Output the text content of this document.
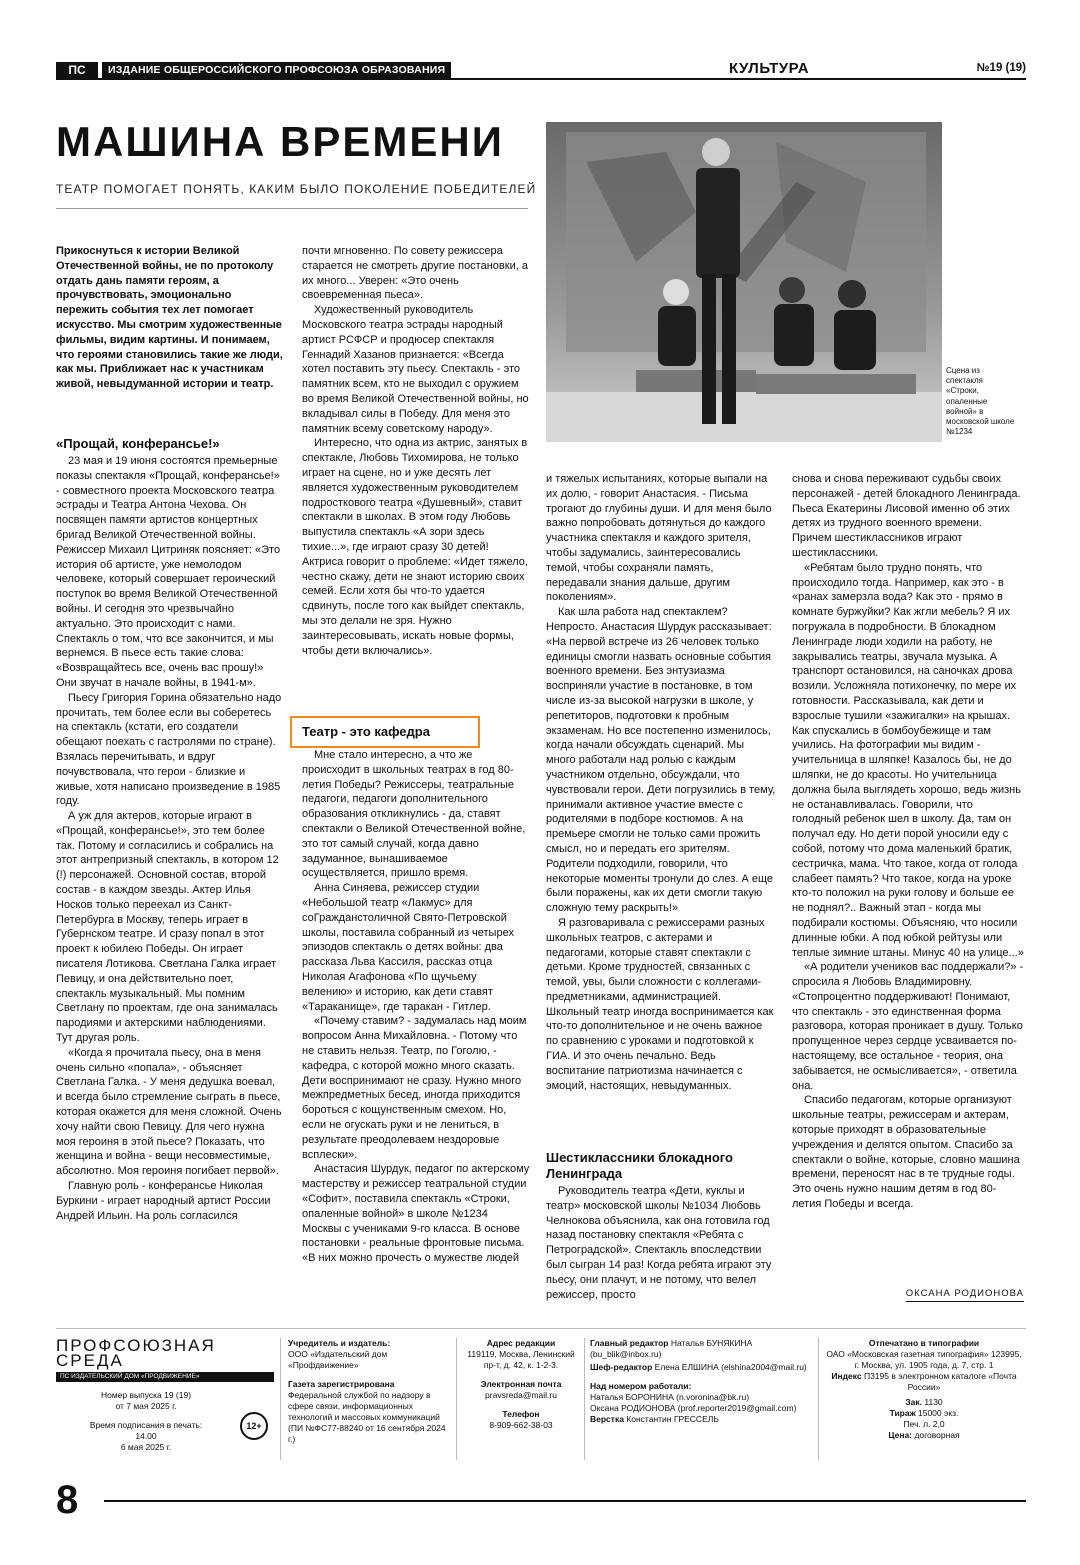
ПС	ИЗДАНИЕ ОБЩЕРОССИЙСКОГО ПРОФСОЮЗА ОБРАЗОВАНИЯ	КУЛЬТУРА	№19 (19)
МАШИНА ВРЕМЕНИ
ТЕАТР ПОМОГАЕТ ПОНЯТЬ, КАКИМ БЫЛО ПОКОЛЕНИЕ ПОБЕДИТЕЛЕЙ
Сцена из спектакля «Строки, опаленные войной» в московской школе №1234

Прикоснуться к истории Великой Отечественной войны, не по протоколу отдать дань памяти героям, а прочувствовать, эмоционально пережить события тех лет помогает искусство. Мы смотрим художественные фильмы, видим картины. И понимаем, что героями становились такие же люди, как мы. Приближает нас к участникам живой, невыдуманной истории и театр.

«Прощай, конферансье!»

23 мая и 19 июня состоятся премьерные показы спектакля «Прощай, конферансье!» - совместного проекта Московского театра эстрады и Театра Антона Чехова. Он посвящен памяти артистов концертных бригад Великой Отечественной войны. Режиссер Михаил Цитриняк поясняет: «Это история об артисте, уже немолодом человеке, который совершает героический поступок во время Великой Отечественной войны. И сегодня это чрезвычайно актуально. Это происходит с нами. Спектакль о том, что все закончится, и мы вернемся. В пьесе есть такие слова: «Возвращайтесь все, очень вас прошу!» Они звучат в начале войны, в 1941-м».

Пьесу Григория Горина обязательно надо прочитать, тем более если вы соберетесь на спектакль (кстати, его создатели обещают поехать с гастролями по стране). Взялась перечитывать, и вдруг почувствовала, что герои - близкие и живые, хотя написано произведение в 1985 году.

А уж для актеров, которые играют в «Прощай, конферансье!», это тем более так. Потому и согласились и собрались на этот антрепризный спектакль, в котором 12 (!) персонажей. Основной состав, второй состав - в каждом звезды. Актер Илья Носков только переехал из Санкт-Петербурга в Москву, теперь играет в Губернском театре. И сразу попал в этот проект к юбилею Победы. Он играет писателя Лотикова. Светлана Галка играет Певицу, и она действительно поет, спектакль музыкальный. Мы помним Светлану по проектам, где она занималась пародиями и актерскими наблюдениями. Тут другая роль.

«Когда я прочитала пьесу, она в меня очень сильно «попала», - объясняет Светлана Галка. - У меня дедушка воевал, и всегда было стремление сыграть в пьесе, которая окажется для меня сложной. Очень хочу найти свою Певицу. Для чего нужна моя героиня в этой пьесе? Показать, что женщина и война - вещи несовместимые, абсолютно. Моя героиня погибает первой».

Главную роль - конферансье Николая Буркини - играет народный артист России Андрей Ильин. На роль согласился

почти мгновенно. По совету режиссера старается не смотреть другие постановки, а их много... Уверен: «Это очень своевременная пьеса».

Художественный руководитель Московского театра эстрады народный артист РСФСР и продюсер спектакля Геннадий Хазанов признается: «Всегда хотел поставить эту пьесу. Спектакль - это памятник всем, кто не выходил с оружием во время Великой Отечественной войны, но вкладывал силы в Победу. Для меня это памятник всему советскому народу».

Интересно, что одна из актрис, занятых в спектакле, Любовь Тихомирова, не только играет на сцене, но и уже десять лет является художественным руководителем подросткового театра «Душевный», ставит спектакли в школах. В этом году Любовь выпустила спектакль «А зори здесь тихие...», где играют сразу 30 детей! Актриса говорит о проблеме: «Идет тяжело, честно скажу, дети не знают историю своих семей. Если хотя бы что-то удается сдвинуть, после того как выйдет спектакль, мы это делали не зря. Нужно заинтересовывать, искать новые формы, чтобы дети включались».

Театр - это кафедра

Мне стало интересно, а что же происходит в школьных театрах в год 80-летия Победы? Режиссеры, театральные педагоги, педагоги дополнительного образования откликнулись - да, ставят спектакли о Великой Отечественной войне, это тот самый случай, когда давно задуманное, вынашиваемое осуществляется, пришло время.

Анна Синяева, режиссер студии «Небольшой театр «Лакмус» для соГражданстоличной Свято-Петровской школы, поставила собранный из четырех эпизодов спектакль о детях войны: два рассказа Льва Кассиля, рассказ отца Николая Агафонова «По щучьему велению» и историю, как дети ставят «Тараканище», где таракан - Гитлер.

«Почему ставим? - задумалась над моим вопросом Анна Михайловна. - Потому что не ставить нельзя. Театр, по Гоголю, - кафедра, с которой можно много сказать. Дети воспринимают не сразу. Нужно много межпредметных бесед, иногда приходится бороться с кощунственным смехом. Но, если не огускать руки и не лениться, в результате преодолеваем нездоровые всплески».

Анастасия Шурдук, педагог по актерскому мастерству и режиссер театральной студии «Софит», поставила спектакль «Строки, опаленные войной» в школе №1234 Москвы с учениками 9-го класса. В основе постановки - реальные фронтовые письма. «В них можно прочесть о мужестве людей

и тяжелых испытаниях, которые выпали на их долю, - говорит Анастасия. - Письма трогают до глубины души. И для меня было важно попробовать дотянуться до каждого участника спектакля и каждого зрителя, чтобы задумались, заинтересовались темой, чтобы сохраняли память, передавали знания дальше, другим поколениям».

Как шла работа над спектаклем? Непросто. Анастасия Шурдук рассказывает: «На первой встрече из 26 человек только единицы смогли назвать основные события военного времени. Без энтузиазма восприняли участие в постановке, в том числе из-за высокой нагрузки в школе, у репетиторов, подготовки к пробным экзаменам. Но все постепенно изменилось, когда начали обсуждать сценарий. Мы много работали над ролью с каждым участником отдельно, обсуждали, что чувствовали герои. Дети погрузились в тему, принимали активное участие вместе с родителями в подборе костюмов. А на премьере смогли не только сами прожить смысл, но и передать его зрителям. Родители подходили, говорили, что некоторые моменты тронули до слез. А еще были поражены, как их дети смогли такую сложную тему раскрыть!»

Я разговаривала с режиссерами разных школьных театров, с актерами и педагогами, которые ставят спектакли с детьми. Кроме трудностей, связанных с темой, увы, были сложности с коллегами-предметниками, администрацией. Школьный театр иногда воспринимается как что-то дополнительное и не очень важное по сравнению с уроками и подготовкой к ГИА. И это очень печально. Ведь воспитание патриотизма начинается с эмоций, настоящих, невыдуманных.

Шестиклассники блокадного Ленинграда

Руководитель театра «Дети, куклы и театр» московской школы №1034 Любовь Челнокова объяснила, как она готовила год назад постановку спектакля «Ребята с Петроградской». Спектакль впоследствии был сыгран 14 раз! Когда ребята играют эту пьесу, они плачут, и не потому, что велел режиссер, просто

снова и снова переживают судьбы своих персонажей - детей блокадного Ленинграда. Пьеса Екатерины Лисовой именно об этих детях из трудного военного времени. Причем шестиклассников играют шестиклассники.

«Ребятам было трудно понять, что происходило тогда. Например, как это - в «ранах замерзла вода? Как это - прямо в комнате буржуйки? Как жгли мебель? Я их погружала в подробности. В блокадном Ленинграде люди ходили на работу, не закрывались театры, звучала музыка. А транспорт остановился, на саночках дрова возили. Усложняла потихонечку, по мере их готовности. Рассказывала, как дети и взрослые тушили «зажигалки» на крышах. Как спускались в бомбоубежище и там учились. На фотографии мы видим - учительница в шляпке! Казалось бы, не до шляпки, не до красоты. Но учительница должна была выглядеть хорошо, ведь жизнь не останавливалась. Говорили, что голодный ребенок шел в школу. Да, там он получал еду. Но дети порой уносили еду с собой, потому что дома маленький братик, сестричка, мама. Что такое, когда от голода слабеет память? Что такое, когда на уроке кто-то положил на руки голову и больше ее не поднял?.. Важный этап - когда мы подбирали костюмы. Объясняю, что носили длинные юбки. А под юбкой рейтузы или теплые зимние штаны. Минус 40 на улице...»

«А родители учеников вас поддержали?» - спросила я Любовь Владимировну. «Стопроцентно поддерживают! Понимают, что спектакль - это единственная форма разговора, которая проникает в душу. Только пропущенное через сердце усваивается по-настоящему, все остальное - теория, она забывается, не осмысливается», - ответила она.

Спасибо педагогам, которые организуют школьные театры, режиссерам и актерам, которые приходят в образовательные учреждения и делятся опытом. Спасибо за спектакли о войне, которые, словно машина времени, переносят нас в те трудные годы. Это очень нужно нашим детям в год 80-летия Победы и всегда.

ОКСАНА РОДИОНОВА
ПРОФСОЮЗНАЯ
СРЕДА
ПС ИЗДАТЕЛЬСКИЙ ДОМ «ПРОДВИЖЕНИЕ»
Номер выпуска 19 (19)
от 7 мая 2025 г.
Время подписания в печать:
14.00
6 мая 2025 г.
12+
Учредитель и издатель:
ООО «Издательский дом «Профдвижение»
Газета зарегистрирована
Федеральной службой по надзору в сфере связи, информационных технологий и массовых коммуникаций (ПИ №ФС77-88240 от 16 сентября 2024 г.)
Адрес редакции
119119, Москва, Ленинский пр-т, д. 42, к. 1-2-3.
Электронная почта
pravsreda@mail.ru
Телефон
8-909-662-38-03
Главный редактор Наталья БУНЯКИНА (bu_blik@inbox.ru)
Шеф-редактор Елена ЕЛШИНА (elshina2004@mail.ru)
Над номером работали:
Наталья БОРОНИНА (n.voronina@bk.ru)
Оксана РОДИОНОВА (prof.reporter2019@gmail.com)
Верстка Константин ГРЕССЕЛЬ
Отпечатано в типографии
ОАО «Московская газетная типография» 123995, г. Москва, ул. 1905 года, д. 7, стр. 1
Индекс П3195 в электронном каталоге «Почта России»
Зак. 1130
Тираж 15000 экз.
Печ. л. 2,0
Цена: договорная
8
